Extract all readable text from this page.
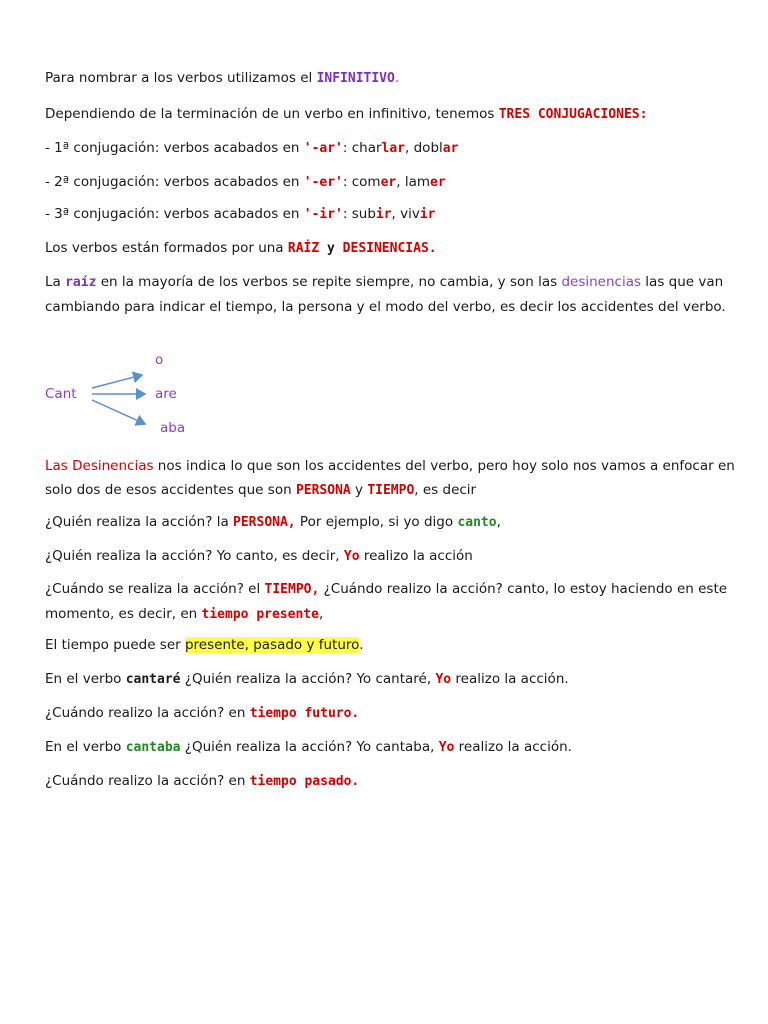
Para nombrar a los verbos utilizamos el INFINITIVO.
Dependiendo de la terminación de un verbo en infinitivo, tenemos TRES CONJUGACIONES:
- 1ª conjugación: verbos acabados en '-ar': charlar, doblar
- 2ª conjugación: verbos acabados en '-er': comer, lamer
- 3ª conjugación: verbos acabados en '-ir': subir, vivir
Los verbos están formados por una RAÍZ y DESINENCIAS.
La raíz en la mayoría de los verbos se repite siempre, no cambia, y son las desinencias las que van cambiando para indicar el tiempo, la persona y el modo del verbo, es decir los accidentes del verbo.
Cant
o
are
aba
Las Desinencias nos indica lo que son los accidentes del verbo, pero hoy solo nos vamos a enfocar en solo dos de esos accidentes que son PERSONA y TIEMPO, es decir
¿Quién realiza la acción? la PERSONA, Por ejemplo, si yo digo canto,
¿Quién realiza la acción? Yo canto, es decir, Yo realizo la acción
¿Cuándo se realiza la acción? el TIEMPO, ¿Cuándo realizo la acción? canto, lo estoy haciendo en este momento, es decir, en tiempo presente,
El tiempo puede ser presente, pasado y futuro.
En el verbo cantaré ¿Quién realiza la acción? Yo cantaré, Yo realizo la acción.
¿Cuándo realizo la acción? en tiempo futuro.
En el verbo cantaba ¿Quién realiza la acción? Yo cantaba, Yo realizo la acción.
¿Cuándo realizo la acción? en tiempo pasado.
